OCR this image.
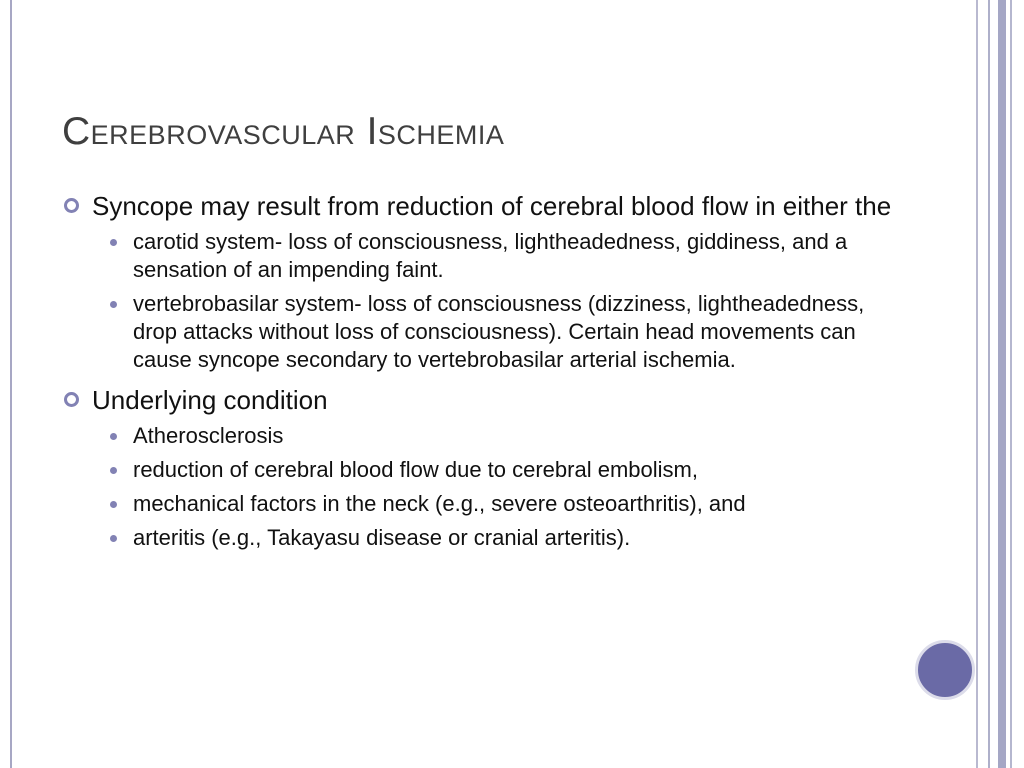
Cerebrovascular Ischemia
Syncope may result from reduction of cerebral blood flow in either the
carotid system- loss of consciousness, lightheadedness, giddiness, and a sensation of an impending faint.
vertebrobasilar system- loss of consciousness (dizziness, lightheadedness, drop attacks without loss of consciousness). Certain head movements can cause syncope secondary to vertebrobasilar arterial ischemia.
Underlying condition
Atherosclerosis
reduction of cerebral blood flow due to cerebral embolism,
mechanical factors in the neck (e.g., severe osteoarthritis), and
arteritis (e.g., Takayasu disease or cranial arteritis).
